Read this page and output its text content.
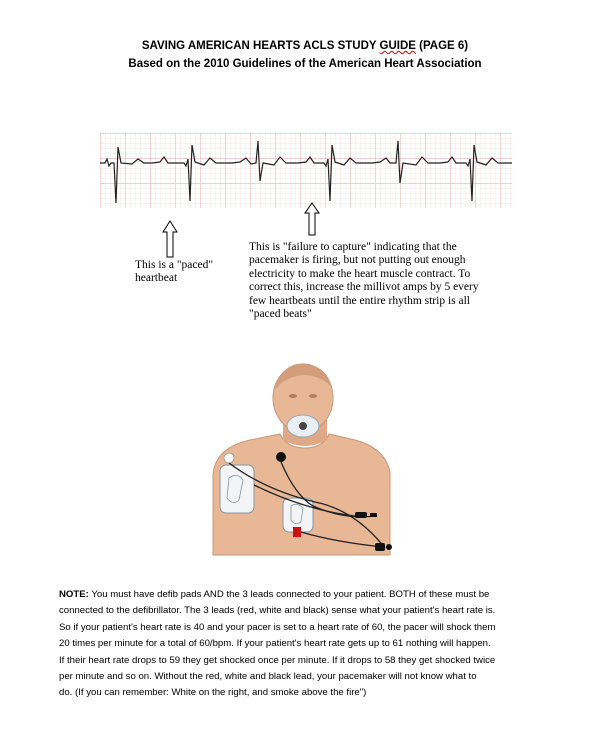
SAVING AMERICAN HEARTS ACLS STUDY GUIDE (PAGE 6)
Based on the 2010 Guidelines of the American Heart Association
This is a "paced"
heartbeat
This is "failure to capture" indicating that the
pacemaker is firing, but not putting out enough
electricity to make the heart muscle contract. To
correct this, increase the millivot amps by 5 every
few heartbeats until the entire rhythm strip is all
"paced beats"
NOTE: You must have defib pads AND the 3 leads connected to your patient. BOTH of these must be
connected to the defibrillator. The 3 leads (red, white and black) sense what your patient's heart rate is.
So if your patient's heart rate is 40 and your pacer is set to a heart rate of 60, the pacer will shock them
20 times per minute for a total of 60/bpm. If your patient's heart rate gets up to 61 nothing will happen.
If their heart rate drops to 59 they get shocked once per minute. If it drops to 58 they get shocked twice
per minute and so on. Without the red, white and black lead, your pacemaker will not know what to
do. (If you can remember: White on the right, and smoke above the fire")
